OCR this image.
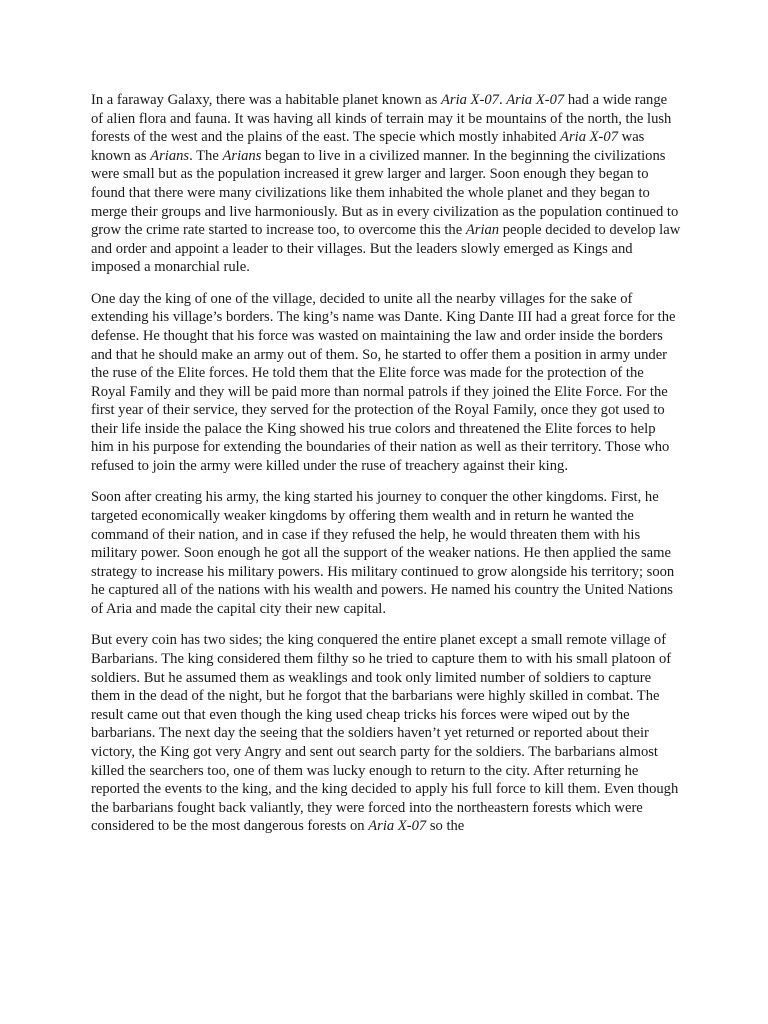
In a faraway Galaxy, there was a habitable planet known as Aria X-07. Aria X-07 had a wide range of alien flora and fauna. It was having all kinds of terrain may it be mountains of the north, the lush forests of the west and the plains of the east. The specie which mostly inhabited Aria X-07 was known as Arians. The Arians began to live in a civilized manner. In the beginning the civilizations were small but as the population increased it grew larger and larger. Soon enough they began to found that there were many civilizations like them inhabited the whole planet and they began to merge their groups and live harmoniously. But as in every civilization as the population continued to grow the crime rate started to increase too, to overcome this the Arian people decided to develop law and order and appoint a leader to their villages. But the leaders slowly emerged as Kings and imposed a monarchial rule.

One day the king of one of the village, decided to unite all the nearby villages for the sake of extending his village’s borders. The king’s name was Dante. King Dante III had a great force for the defense. He thought that his force was wasted on maintaining the law and order inside the borders and that he should make an army out of them. So, he started to offer them a position in army under the ruse of the Elite forces. He told them that the Elite force was made for the protection of the Royal Family and they will be paid more than normal patrols if they joined the Elite Force. For the first year of their service, they served for the protection of the Royal Family, once they got used to their life inside the palace the King showed his true colors and threatened the Elite forces to help him in his purpose for extending the boundaries of their nation as well as their territory. Those who refused to join the army were killed under the ruse of treachery against their king.

Soon after creating his army, the king started his journey to conquer the other kingdoms. First, he targeted economically weaker kingdoms by offering them wealth and in return he wanted the command of their nation, and in case if they refused the help, he would threaten them with his military power. Soon enough he got all the support of the weaker nations. He then applied the same strategy to increase his military powers. His military continued to grow alongside his territory; soon he captured all of the nations with his wealth and powers. He named his country the United Nations of Aria and made the capital city their new capital.

But every coin has two sides; the king conquered the entire planet except a small remote village of Barbarians. The king considered them filthy so he tried to capture them to with his small platoon of soldiers. But he assumed them as weaklings and took only limited number of soldiers to capture them in the dead of the night, but he forgot that the barbarians were highly skilled in combat. The result came out that even though the king used cheap tricks his forces were wiped out by the barbarians. The next day the seeing that the soldiers haven’t yet returned or reported about their victory, the King got very Angry and sent out search party for the soldiers. The barbarians almost killed the searchers too, one of them was lucky enough to return to the city. After returning he reported the events to the king, and the king decided to apply his full force to kill them. Even though the barbarians fought back valiantly, they were forced into the northeastern forests which were considered to be the most dangerous forests on Aria X-07 so the
